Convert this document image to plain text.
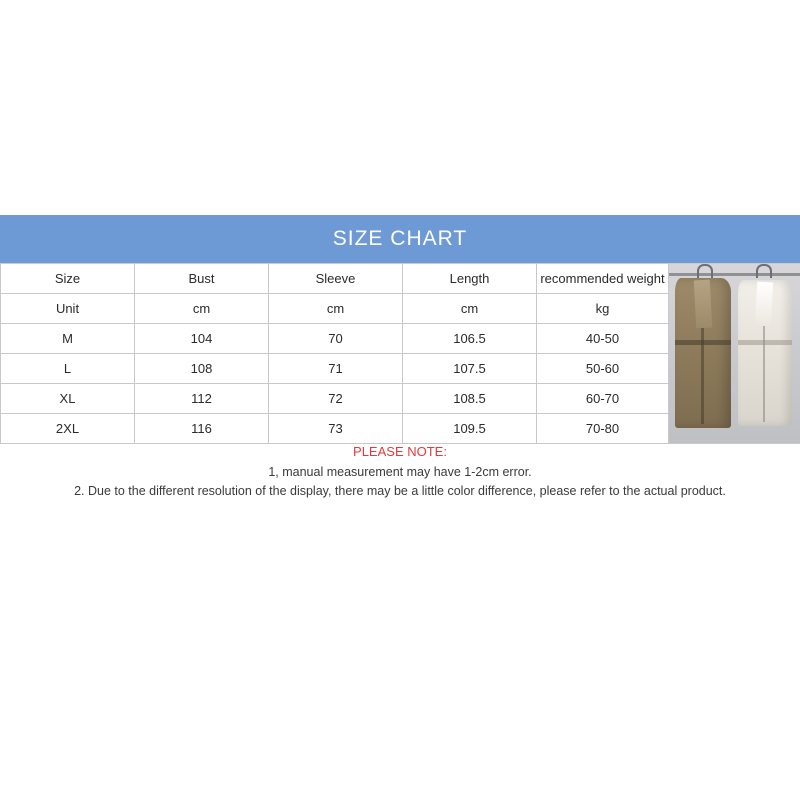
SIZE CHART
Size	Bust	Sleeve	Length	recommended weight	

Unit	cm	cm	cm	kg	
M	104	70	106.5	40-50	
L	108	71	107.5	50-60	
XL	112	72	108.5	60-70	
2XL	116	73	109.5	70-80	

PLEASE NOTE:

1, manual measurement may have 1-2cm error.

2. Due to the different resolution of the display, there may be a little color difference, please refer to the actual product.
